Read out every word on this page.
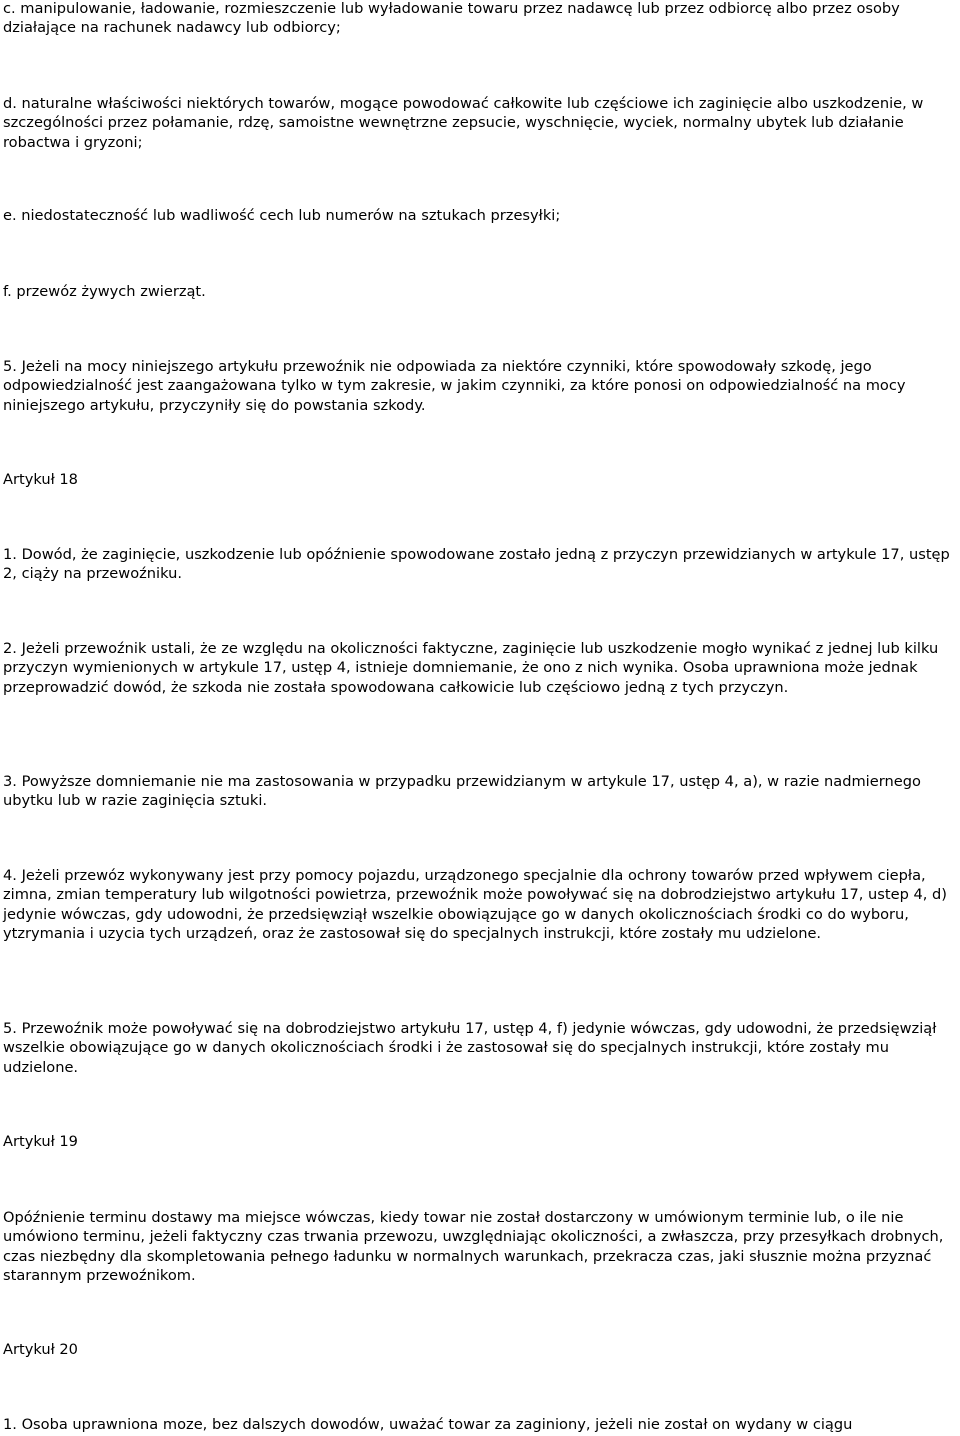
c. manipulowanie, ładowanie, rozmieszczenie lub wyładowanie towaru przez nadawcę lub przez odbiorcę albo przez osoby działające na rachunek nadawcy lub odbiorcy;

d. naturalne właściwości niektórych towarów, mogące powodować całkowite lub częściowe ich zaginięcie albo uszkodzenie, w szczególności przez połamanie, rdzę, samoistne wewnętrzne zepsucie, wyschnięcie, wyciek, normalny ubytek lub działanie robactwa i gryzoni;

e. niedostateczność lub wadliwość cech lub numerów na sztukach przesyłki;

f. przewóz żywych zwierząt.

5. Jeżeli na mocy niniejszego artykułu przewoźnik nie odpowiada za niektóre czynniki, które spowodowały szkodę, jego odpowiedzialność jest zaangażowana tylko w tym zakresie, w jakim czynniki, za które ponosi on odpowiedzialność na mocy niniejszego artykułu, przyczyniły się do powstania szkody.

Artykuł 18

1. Dowód, że zaginięcie, uszkodzenie lub opóźnienie spowodowane zostało jedną z przyczyn przewidzianych w artykule 17, ustęp 2, ciąży na przewoźniku.

2. Jeżeli przewoźnik ustali, że ze względu na okoliczności faktyczne, zaginięcie lub uszkodzenie mogło wynikać z jednej lub kilku przyczyn wymienionych w artykule 17, ustęp 4, istnieje domniemanie, że ono z nich wynika. Osoba uprawniona może jednak przeprowadzić dowód, że szkoda nie została spowodowana całkowicie lub częściowo jedną z tych przyczyn.

3. Powyższe domniemanie nie ma zastosowania w przypadku przewidzianym w artykule 17, ustęp 4, a), w razie nadmiernego ubytku lub w razie zaginięcia sztuki.

4. Jeżeli przewóz wykonywany jest przy pomocy pojazdu, urządzonego specjalnie dla ochrony towarów przed wpływem ciepła, zimna, zmian temperatury lub wilgotności powietrza, przewoźnik może powoływać się na dobrodziejstwo artykułu 17, ustep 4, d) jedynie wówczas, gdy udowodni, że przedsięwziął wszelkie obowiązujące go w danych okolicznościach środki co do wyboru, ytzrymania i uzycia tych urządzeń, oraz że zastosował się do specjalnych instrukcji, które zostały mu udzielone.

5. Przewoźnik może powoływać się na dobrodziejstwo artykułu 17, ustęp 4, f) jedynie wówczas, gdy udowodni, że przedsięwziął wszelkie obowiązujące go w danych okolicznościach środki i że zastosował się do specjalnych instrukcji, które zostały mu udzielone.

Artykuł 19

Opóźnienie terminu dostawy ma miejsce wówczas, kiedy towar nie został dostarczony w umówionym terminie lub, o ile nie umówiono terminu, jeżeli faktyczny czas trwania przewozu, uwzględniając okoliczności, a zwłaszcza, przy przesyłkach drobnych, czas niezbędny dla skompletowania pełnego ładunku w normalnych warunkach, przekracza czas, jaki słusznie można przyznać starannym przewoźnikom.

Artykuł 20

1. Osoba uprawniona moze, bez dalszych dowodów, uważać towar za zaginiony, jeżeli nie został on wydany w ciągu
